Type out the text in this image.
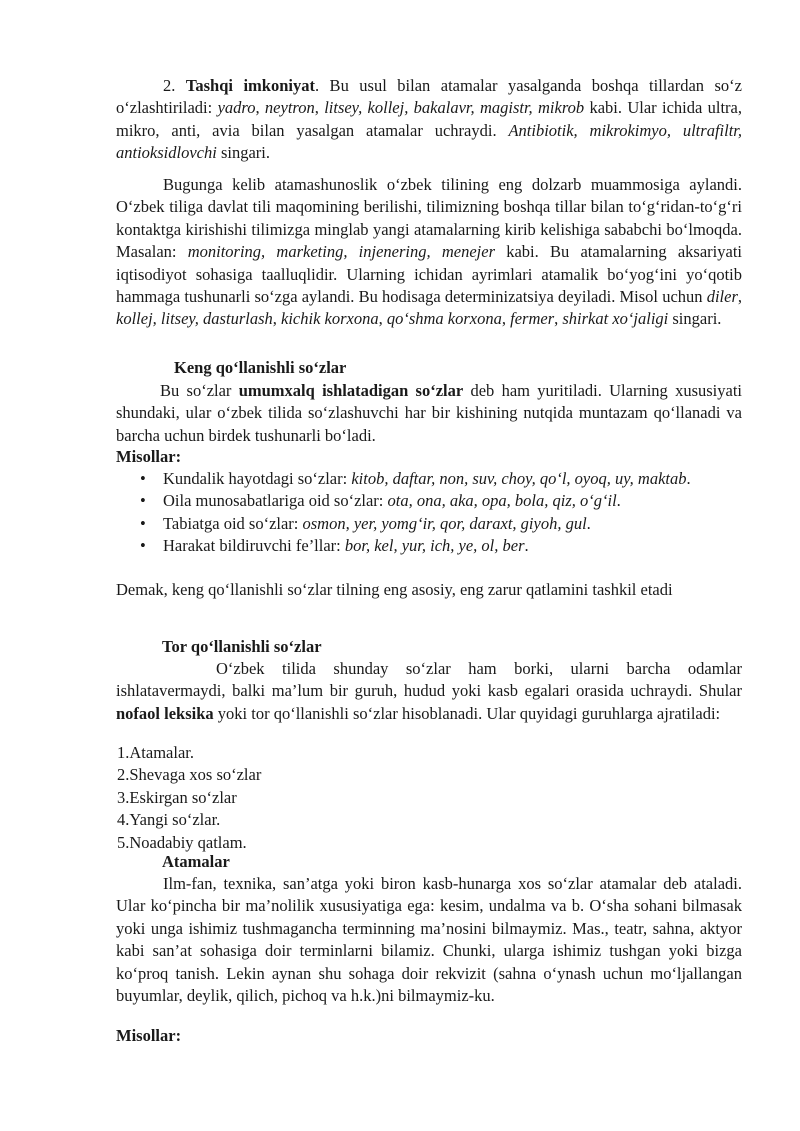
2. Tashqi imkoniyat. Bu usul bilan atamalar yasalganda boshqa tillardan so‘z o‘zlashtiriladi: yadro, neytron, litsey, kollej, bakalavr, magistr, mikrob kabi. Ular ichida ultra, mikro, anti, avia bilan yasalgan atamalar uchraydi. Antibiotik, mikrokimyo, ultrafiltr, antioksidlovchi singari.

Bugunga kelib atamashunoslik o‘zbek tilining eng dolzarb muammosiga aylandi. O‘zbek tiliga davlat tili maqomining berilishi, tilimizning boshqa tillar bilan to‘g‘ridan-to‘g‘ri kontaktga kirishishi tilimizga minglab yangi atamalarning kirib kelishiga sababchi bo‘lmoqda. Masalan: monitoring, marketing, injenering, menejer kabi. Bu atamalarning aksariyati iqtisodiyot sohasiga taalluqlidir. Ularning ichidan ayrimlari atamalik bo‘yog‘ini yo‘qotib hammaga tushunarli so‘zga aylandi. Bu hodisaga determinizatsiya deyiladi. Misol uchun diler, kollej, litsey, dasturlash, kichik korxona, qo‘shma korxona, fermer, shirkat xo‘jaligi singari.

Keng qo‘llanishli so‘zlar

Bu so‘zlar umumxalq ishlatadigan so‘zlar deb ham yuritiladi. Ularning xususiyati shundaki, ular o‘zbek tilida so‘zlashuvchi har bir kishining nutqida muntazam qo‘llanadi va barcha uchun birdek tushunarli bo‘ladi.

Misollar:

• Kundalik hayotdagi so‘zlar: kitob, daftar, non, suv, choy, qo‘l, oyoq, uy, maktab.
• Oila munosabatlariga oid so‘zlar: ota, ona, aka, opa, bola, qiz, o‘g‘il.
• Tabiatga oid so‘zlar: osmon, yer, yomg‘ir, qor, daraxt, giyoh, gul.
• Harakat bildiruvchi fe’llar: bor, kel, yur, ich, ye, ol, ber.

Demak, keng qo‘llanishli so‘zlar tilning eng asosiy, eng zarur qatlamini tashkil etadi

Tor qo‘llanishli so‘zlar

O‘zbek tilida shunday so‘zlar ham borki, ularni barcha odamlar ishlatavermaydi, balki ma’lum bir guruh, hudud yoki kasb egalari orasida uchraydi. Shular nofaol leksika yoki tor qo‘llanishli so‘zlar hisoblanadi. Ular quyidagi guruhlarga ajratiladi:

1.Atamalar.
2.Shevaga xos so‘zlar
3.Eskirgan so‘zlar
4.Yangi so‘zlar.
5.Noadabiy qatlam.

Atamalar

Ilm-fan, texnika, san’atga yoki biron kasb-hunarga xos so‘zlar atamalar deb ataladi. Ular ko‘pincha bir ma’nolilik xususiyatiga ega: kesim, undalma va b. O‘sha sohani bilmasak yoki unga ishimiz tushmagancha terminning ma’nosini bilmaymiz. Mas., teatr, sahna, aktyor kabi san’at sohasiga doir terminlarni bilamiz. Chunki, ularga ishimiz tushgan yoki bizga ko‘proq tanish. Lekin aynan shu sohaga doir rekvizit (sahna o‘ynash uchun mo‘ljallangan buyumlar, deylik, qilich, pichoq va h.k.)ni bilmaymiz-ku.

Misollar:
